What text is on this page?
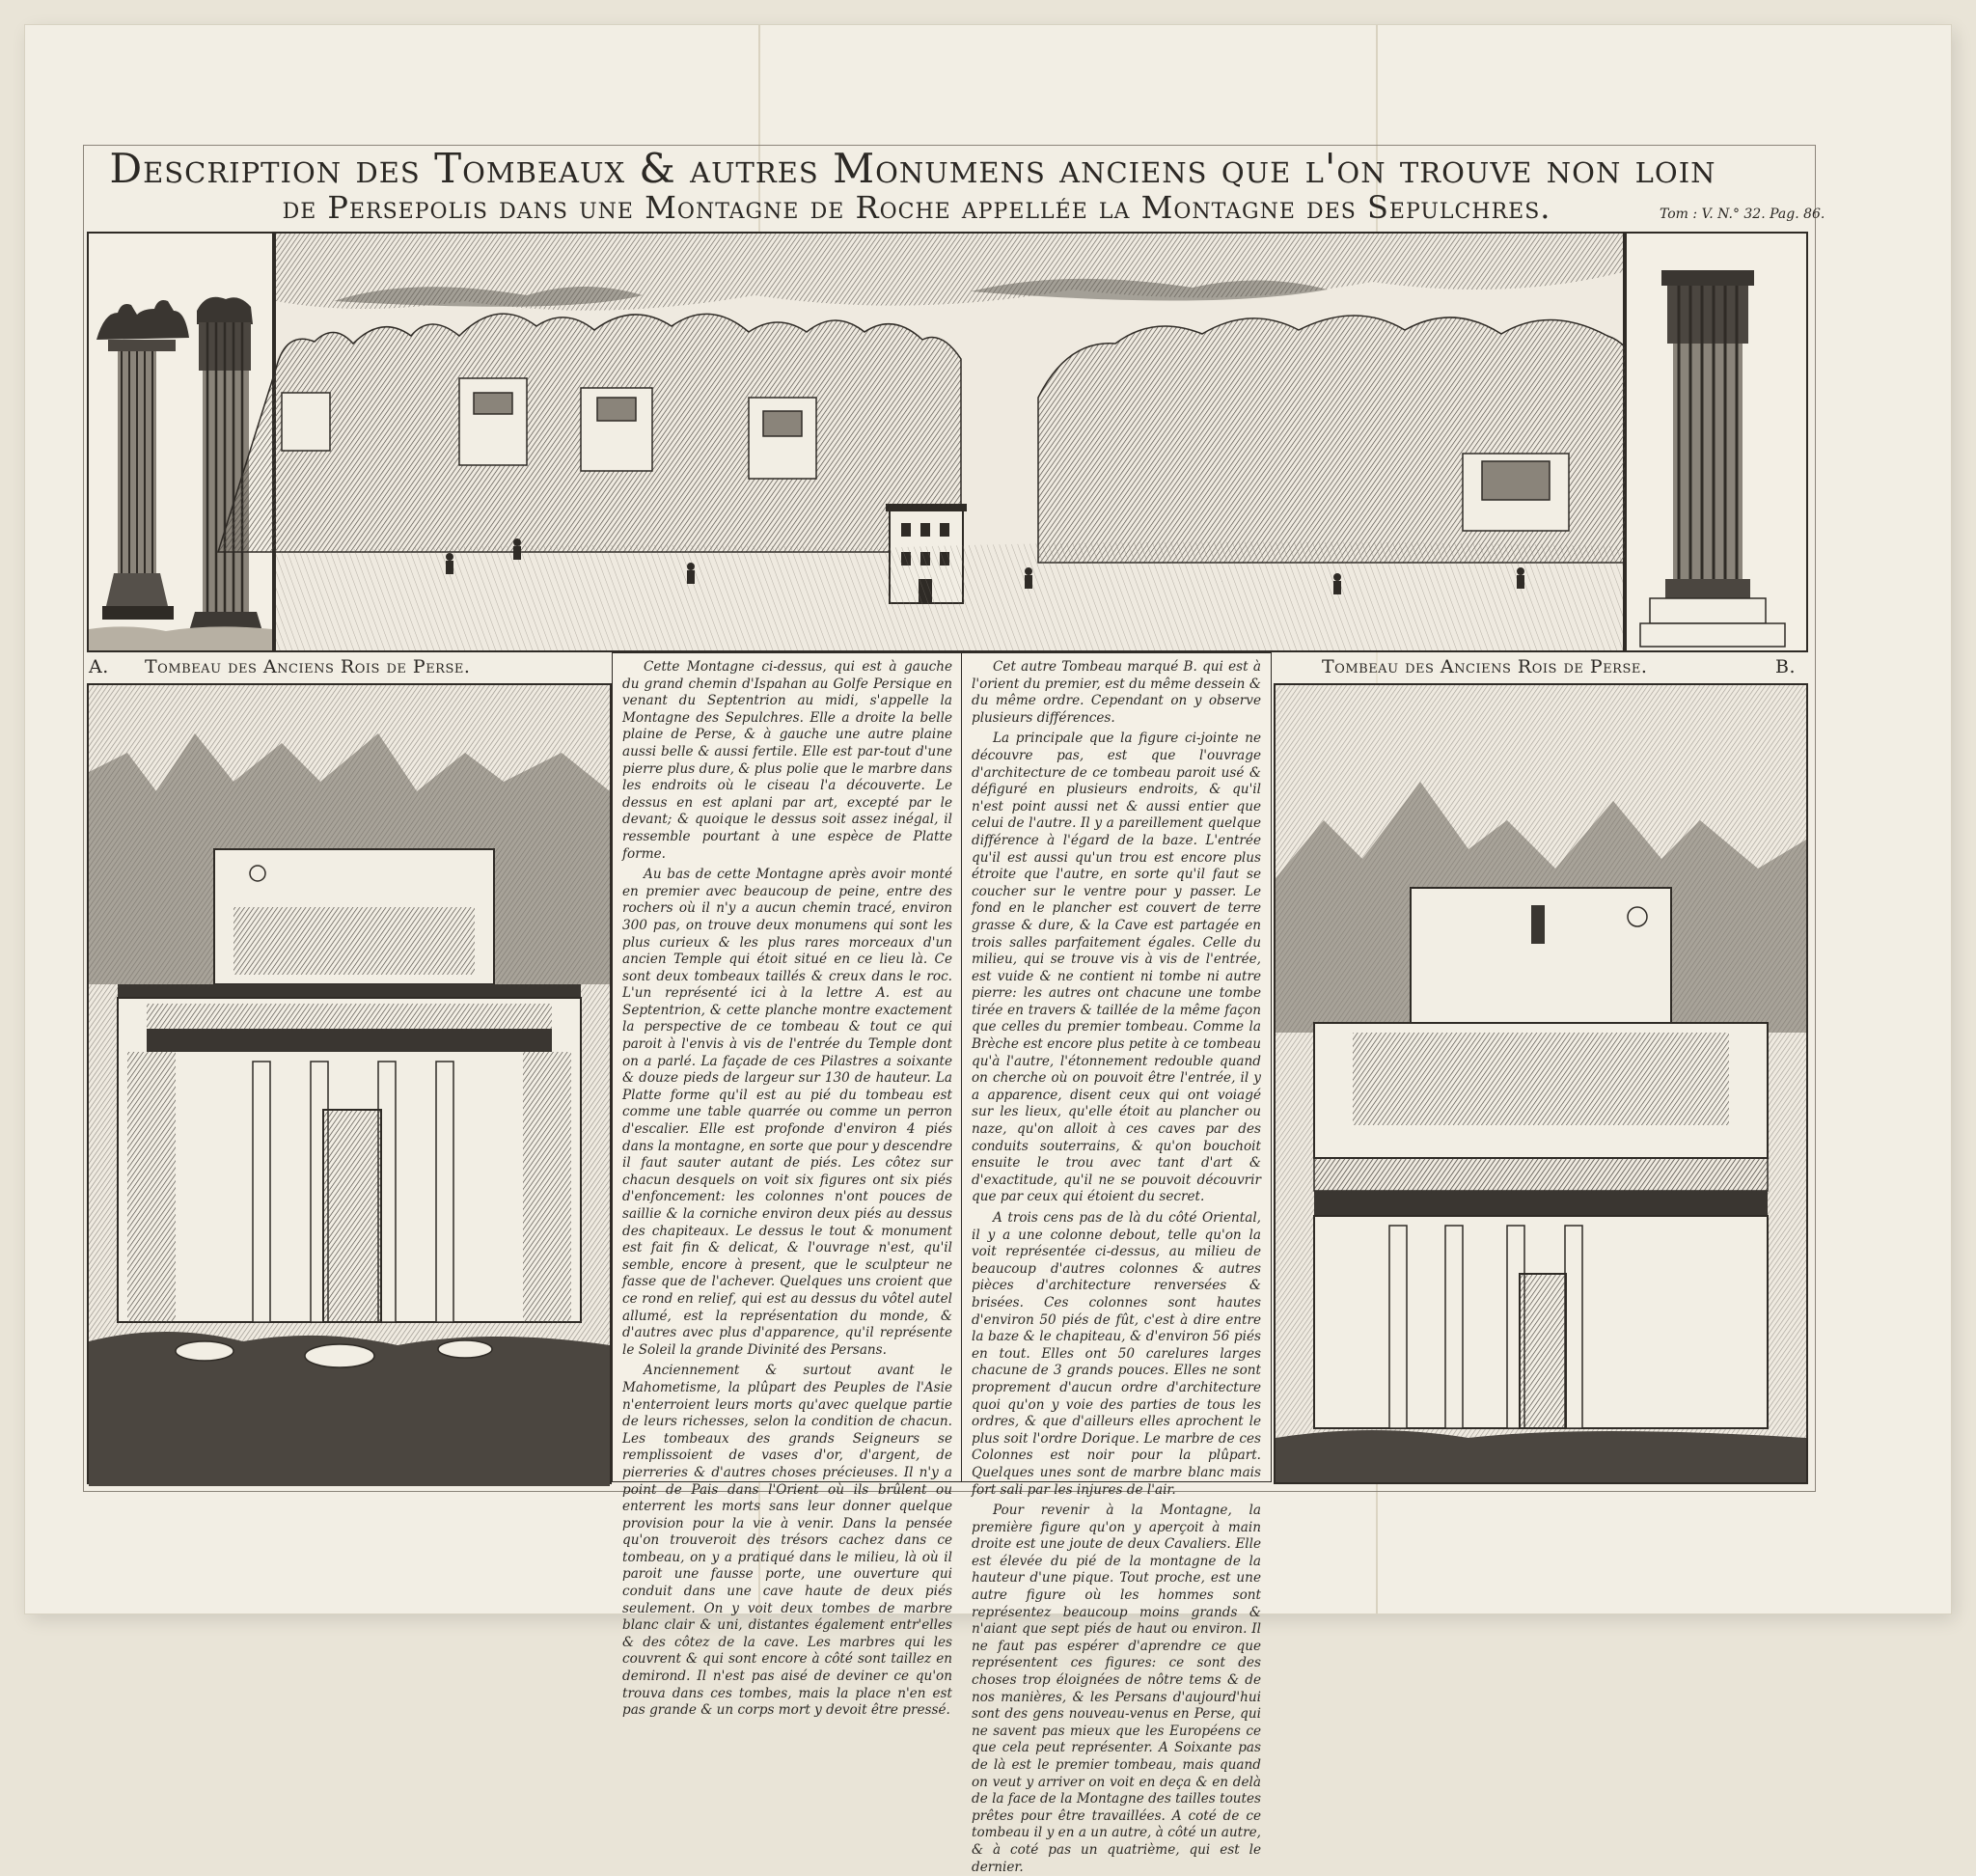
Description des Tombeaux & autres Monumens anciens que l'on trouve non loin
de Persepolis dans une Montagne de Roche appellée la Montagne des Sepulchres.	Tom : V. N.° 32. Pag. 86.
A. Tombeau des Anciens Rois de Perse.	Tombeau des Anciens Rois de Perse.	B.

Cette Montagne ci-dessus, qui est à gauche du grand chemin d'Ispahan au Golfe Persique en venant du Septentrion au midi, s'appelle la Montagne des Sepulchres. Elle a droite la belle plaine de Perse, & à gauche une autre plaine aussi belle & aussi fertile. Elle est par-tout d'une pierre plus dure, & plus polie que le marbre dans les endroits où le ciseau l'a découverte. Le dessus en est aplani par art, excepté par le devant; & quoique le dessus soit assez inégal, il ressemble pourtant à une espèce de Platte forme.

Au bas de cette Montagne après avoir monté en premier avec beaucoup de peine, entre des rochers où il n'y a aucun chemin tracé, environ 300 pas, on trouve deux monumens qui sont les plus curieux & les plus rares morceaux d'un ancien Temple qui étoit situé en ce lieu là. Ce sont deux tombeaux taillés & creux dans le roc. L'un représenté ici à la lettre A. est au Septentrion, & cette planche montre exactement la perspective de ce tombeau & tout ce qui paroit à l'envis à vis de l'entrée du Temple dont on a parlé. La façade de ces Pilastres a soixante & douze pieds de largeur sur 130 de hauteur. La Platte forme qu'il est au pié du tombeau est comme une table quarrée ou comme un perron d'escalier. Elle est profonde d'environ 4 piés dans la montagne, en sorte que pour y descendre il faut sauter autant de piés. Les côtez sur chacun desquels on voit six figures ont six piés d'enfoncement: les colonnes n'ont pouces de saillie & la corniche environ deux piés au dessus des chapiteaux. Le dessus le tout & monument est fait fin & delicat, & l'ouvrage n'est, qu'il semble, encore à present, que le sculpteur ne fasse que de l'achever. Quelques uns croient que ce rond en relief, qui est au dessus du vôtel autel allumé, est la représentation du monde, & d'autres avec plus d'apparence, qu'il représente le Soleil la grande Divinité des Persans.

Anciennement & surtout avant le Mahometisme, la plûpart des Peuples de l'Asie n'enterroient leurs morts qu'avec quelque partie de leurs richesses, selon la condition de chacun. Les tombeaux des grands Seigneurs se remplissoient de vases d'or, d'argent, de pierreries & d'autres choses précieuses. Il n'y a point de Pais dans l'Orient où ils brûlent ou enterrent les morts sans leur donner quelque provision pour la vie à venir. Dans la pensée qu'on trouveroit des trésors cachez dans ce tombeau, on y a pratiqué dans le milieu, là où il paroit une fausse porte, une ouverture qui conduit dans une cave haute de deux piés seulement. On y voit deux tombes de marbre blanc clair & uni, distantes également entr'elles & des côtez de la cave. Les marbres qui les couvrent & qui sont encore à côté sont taillez en demirond. Il n'est pas aisé de deviner ce qu'on trouva dans ces tombes, mais la place n'en est pas grande & un corps mort y devoit être pressé.

Cet autre Tombeau marqué B. qui est à l'orient du premier, est du même dessein & du même ordre. Cependant on y observe plusieurs différences.

La principale que la figure ci-jointe ne découvre pas, est que l'ouvrage d'architecture de ce tombeau paroit usé & défiguré en plusieurs endroits, & qu'il n'est point aussi net & aussi entier que celui de l'autre. Il y a pareillement quelque différence à l'égard de la baze. L'entrée qu'il est aussi qu'un trou est encore plus étroite que l'autre, en sorte qu'il faut se coucher sur le ventre pour y passer. Le fond en le plancher est couvert de terre grasse & dure, & la Cave est partagée en trois salles parfaitement égales. Celle du milieu, qui se trouve vis à vis de l'entrée, est vuide & ne contient ni tombe ni autre pierre: les autres ont chacune une tombe tirée en travers & taillée de la même façon que celles du premier tombeau. Comme la Brèche est encore plus petite à ce tombeau qu'à l'autre, l'étonnement redouble quand on cherche où on pouvoit être l'entrée, il y a apparence, disent ceux qui ont voiagé sur les lieux, qu'elle étoit au plancher ou naze, qu'on alloit à ces caves par des conduits souterrains, & qu'on bouchoit ensuite le trou avec tant d'art & d'exactitude, qu'il ne se pouvoit découvrir que par ceux qui étoient du secret.

A trois cens pas de là du côté Oriental, il y a une colonne debout, telle qu'on la voit représentée ci-dessus, au milieu de beaucoup d'autres colonnes & autres pièces d'architecture renversées & brisées. Ces colonnes sont hautes d'environ 50 piés de fût, c'est à dire entre la baze & le chapiteau, & d'environ 56 piés en tout. Elles ont 50 carelures larges chacune de 3 grands pouces. Elles ne sont proprement d'aucun ordre d'architecture quoi qu'on y voie des parties de tous les ordres, & que d'ailleurs elles aprochent le plus soit l'ordre Dorique. Le marbre de ces Colonnes est noir pour la plûpart. Quelques unes sont de marbre blanc mais fort sali par les injures de l'air.

Pour revenir à la Montagne, la première figure qu'on y aperçoit à main droite est une joute de deux Cavaliers. Elle est élevée du pié de la montagne de la hauteur d'une pique. Tout proche, est une autre figure où les hommes sont représentez beaucoup moins grands & n'aiant que sept piés de haut ou environ. Il ne faut pas espérer d'aprendre ce que représentent ces figures: ce sont des choses trop éloignées de nôtre tems & de nos manières, & les Persans d'aujourd'hui sont des gens nouveau-venus en Perse, qui ne savent pas mieux que les Européens ce que cela peut représenter. A Soixante pas de là est le premier tombeau, mais quand on veut y arriver on voit en deça & en delà de la face de la Montagne des tailles toutes prêtes pour être travaillées. A coté de ce tombeau il y en a un autre, à côté un autre, & à coté pas un quatrième, qui est le dernier.
